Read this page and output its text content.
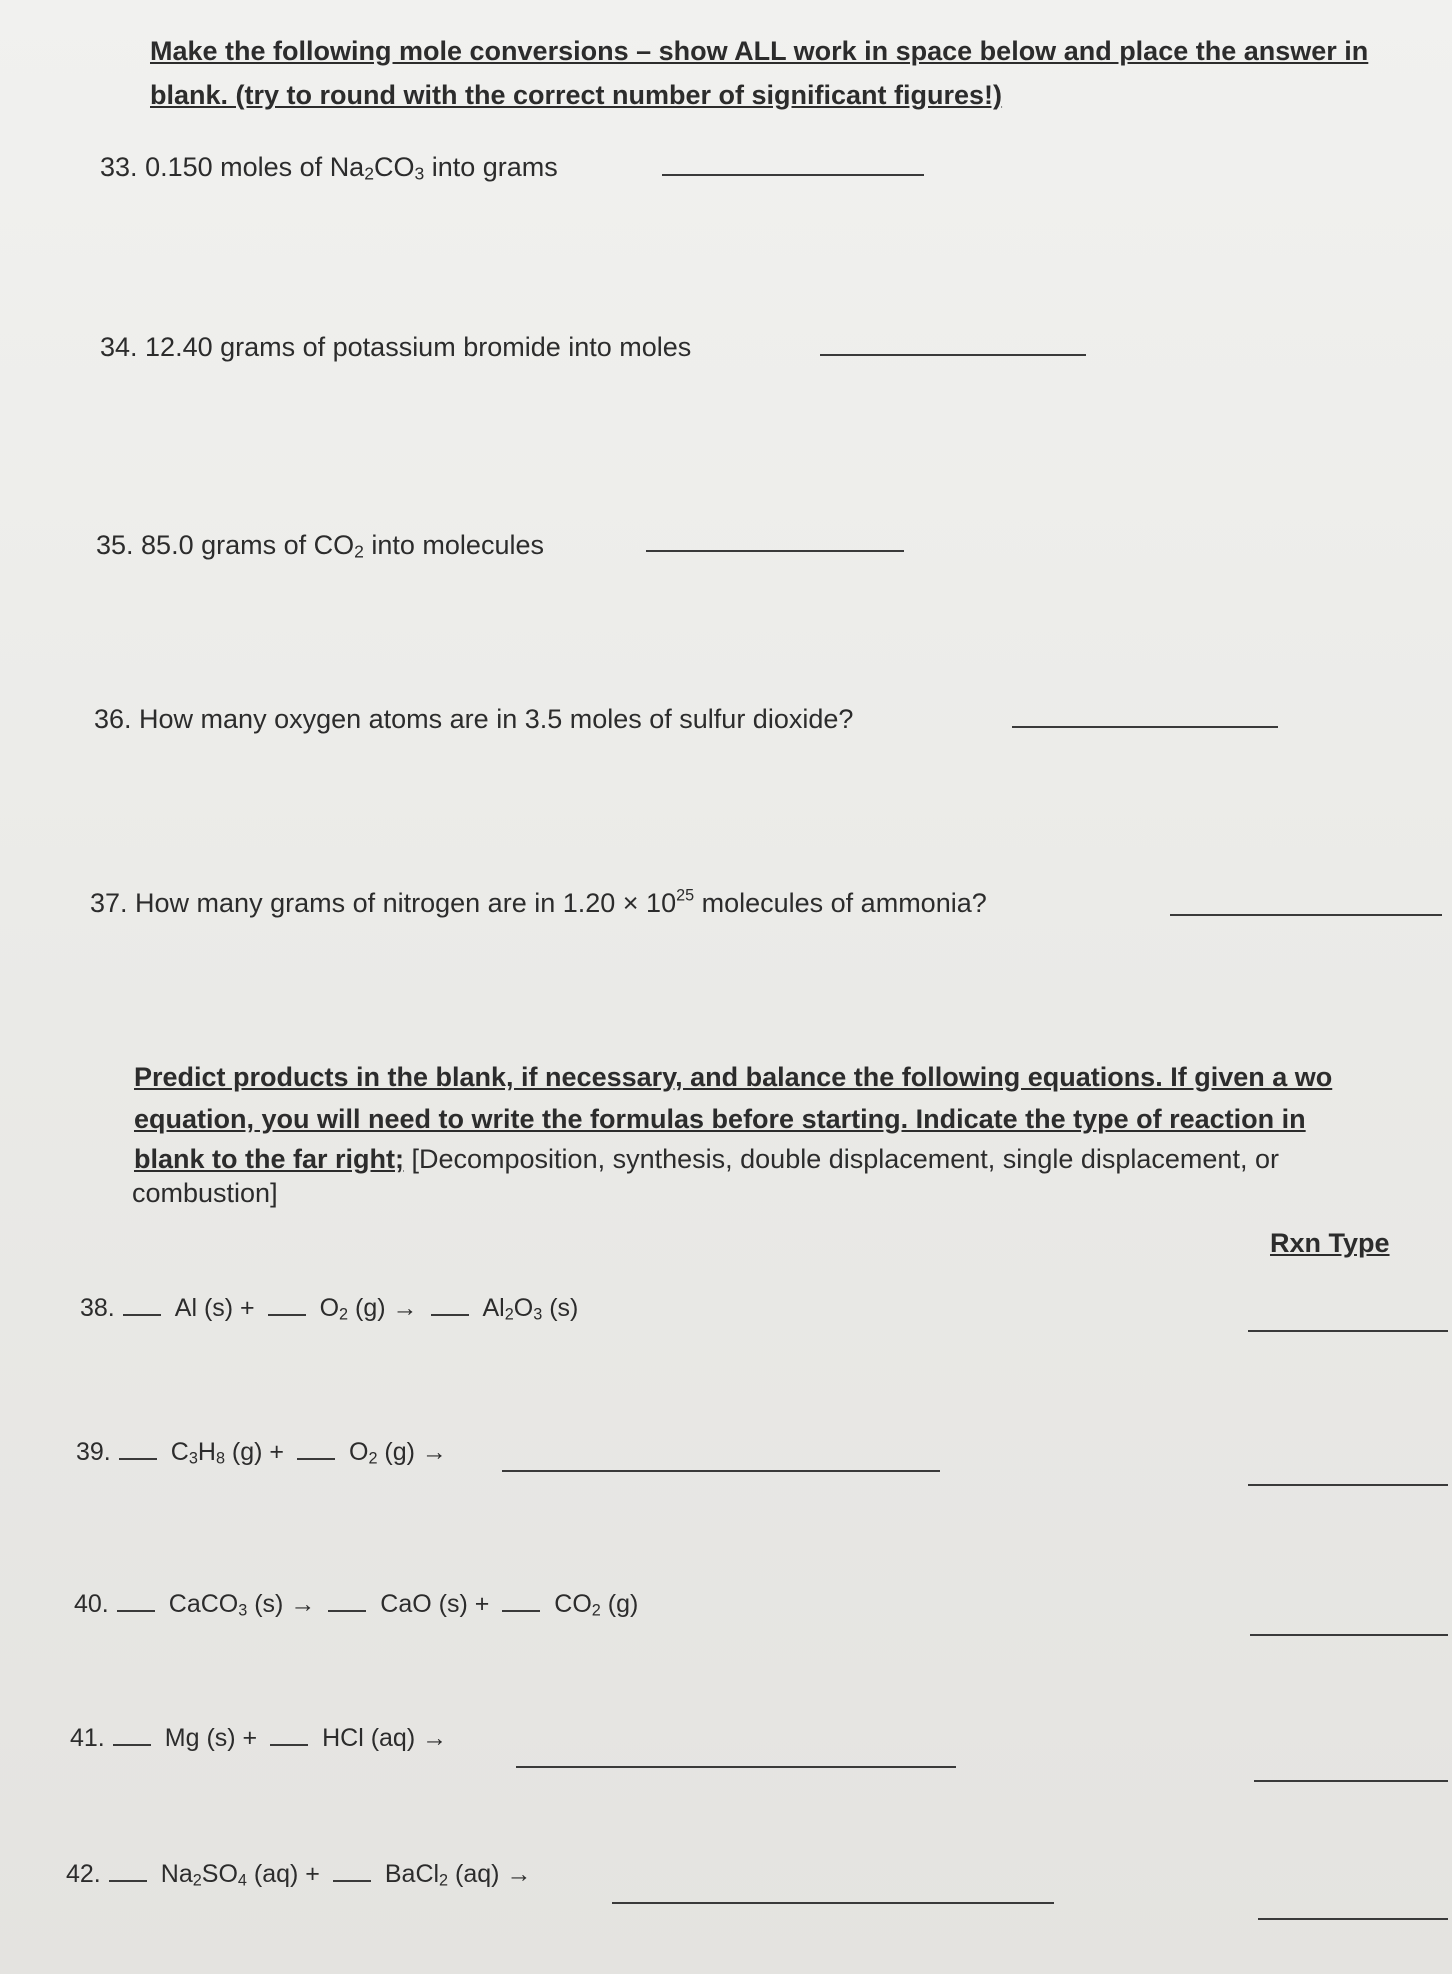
Make the following mole conversions – show ALL work in space below and place the answer in
blank. (try to round with the correct number of significant figures!)
33. 0.150 moles of $Na_2CO_3$ into grams
34. 12.40 grams of potassium bromide into moles
35. 85.0 grams of $CO_2$ into molecules
36. How many oxygen atoms are in 3.5 moles of sulfur dioxide?
37. How many grams of nitrogen are in $1.20 \times 10^{25}$ molecules of ammonia?
Predict products in the blank, if necessary, and balance the following equations. If given a wo
equation, you will need to write the formulas before starting. Indicate the type of reaction in
blank to the far right; [Decomposition, synthesis, double displacement, single displacement, or
combustion]
Rxn Type
38. Al (s) +	$O_2$ (g) →	$Al_2O_3$ (s)
39. $C_3H_8$ (g) +	$O_2$ (g) →
40. CaCO$_3$ (s) →	CaO (s) +	$CO_2$ (g)
41. Mg (s) +	HCl (aq) →
42. $Na_2SO_4$ (aq) +	BaCl$_2$ (aq) →
